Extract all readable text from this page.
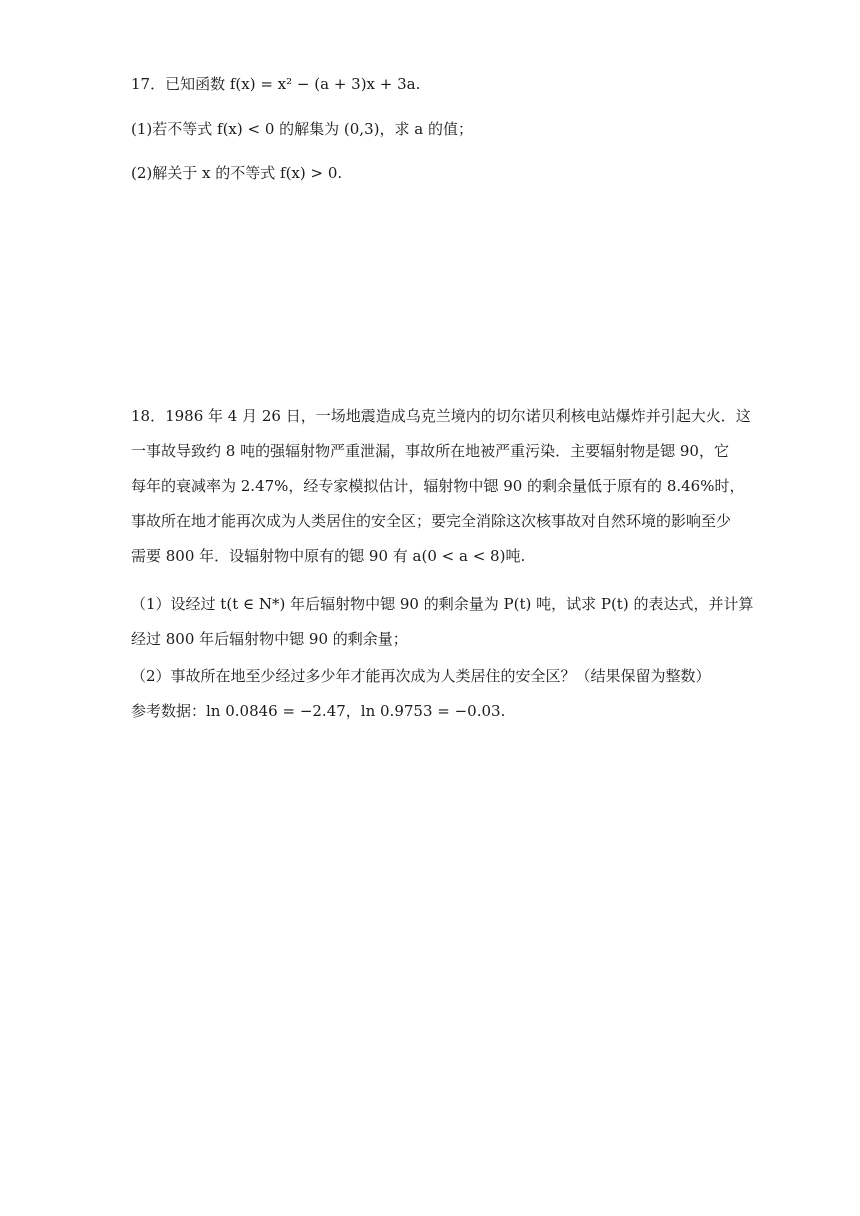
17．已知函数 f(x) = x² − (a + 3)x + 3a.
(1)若不等式 f(x) < 0 的解集为 (0,3)，求 a 的值；
(2)解关于 x 的不等式 f(x) > 0.
18．1986 年 4 月 26 日，一场地震造成乌克兰境内的切尔诺贝利核电站爆炸并引起大火．这
一事故导致约 8 吨的强辐射物严重泄漏，事故所在地被严重污染．主要辐射物是锶 90，它
每年的衰减率为 2.47%，经专家模拟估计，辐射物中锶 90 的剩余量低于原有的 8.46%时，
事故所在地才能再次成为人类居住的安全区；要完全消除这次核事故对自然环境的影响至少
需要 800 年．设辐射物中原有的锶 90 有 a(0 < a < 8)吨.
（1）设经过 t(t ∈ N*) 年后辐射物中锶 90 的剩余量为 P(t) 吨，试求 P(t) 的表达式，并计算
经过 800 年后辐射物中锶 90 的剩余量；
（2）事故所在地至少经过多少年才能再次成为人类居住的安全区？（结果保留为整数）
参考数据：ln 0.0846 = −2.47，ln 0.9753 = −0.03.
